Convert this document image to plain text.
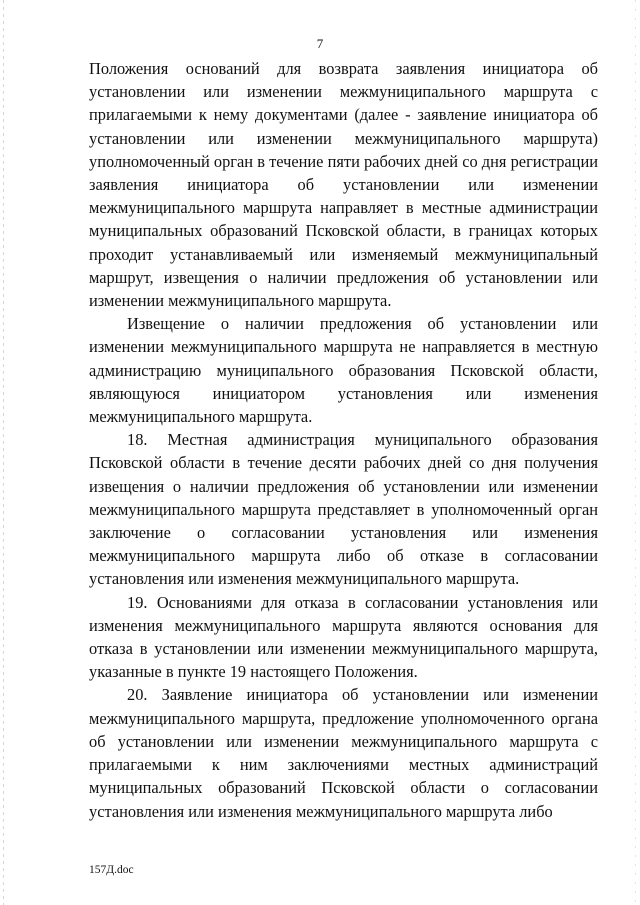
7

Положения оснований для возврата заявления инициатора об установлении или изменении межмуниципального маршрута с прилагаемыми к нему документами (далее - заявление инициатора об установлении или изменении межмуниципального маршрута) уполномоченный орган в течение пяти рабочих дней со дня регистрации заявления инициатора об установлении или изменении межмуниципального маршрута направляет в местные администрации муниципальных образований Псковской области, в границах которых проходит устанавливаемый или изменяемый межмуниципальный маршрут, извещения о наличии предложения об установлении или изменении межмуниципального маршрута.

Извещение о наличии предложения об установлении или изменении межмуниципального маршрута не направляется в местную администрацию муниципального образования Псковской области, являющуюся инициатором установления или изменения межмуниципального маршрута.

18. Местная администрация муниципального образования Псковской области в течение десяти рабочих дней со дня получения извещения о наличии предложения об установлении или изменении межмуниципального маршрута представляет в уполномоченный орган заключение о согласовании установления или изменения межмуниципального маршрута либо об отказе в согласовании установления или изменения межмуниципального маршрута.

19. Основаниями для отказа в согласовании установления или изменения межмуниципального маршрута являются основания для отказа в установлении или изменении межмуниципального маршрута, указанные в пункте 19 настоящего Положения.

20. Заявление инициатора об установлении или изменении межмуниципального маршрута, предложение уполномоченного органа об установлении или изменении межмуниципального маршрута с прилагаемыми к ним заключениями местных администраций муниципальных образований Псковской области о согласовании установления или изменения межмуниципального маршрута либо

157Д.doc
